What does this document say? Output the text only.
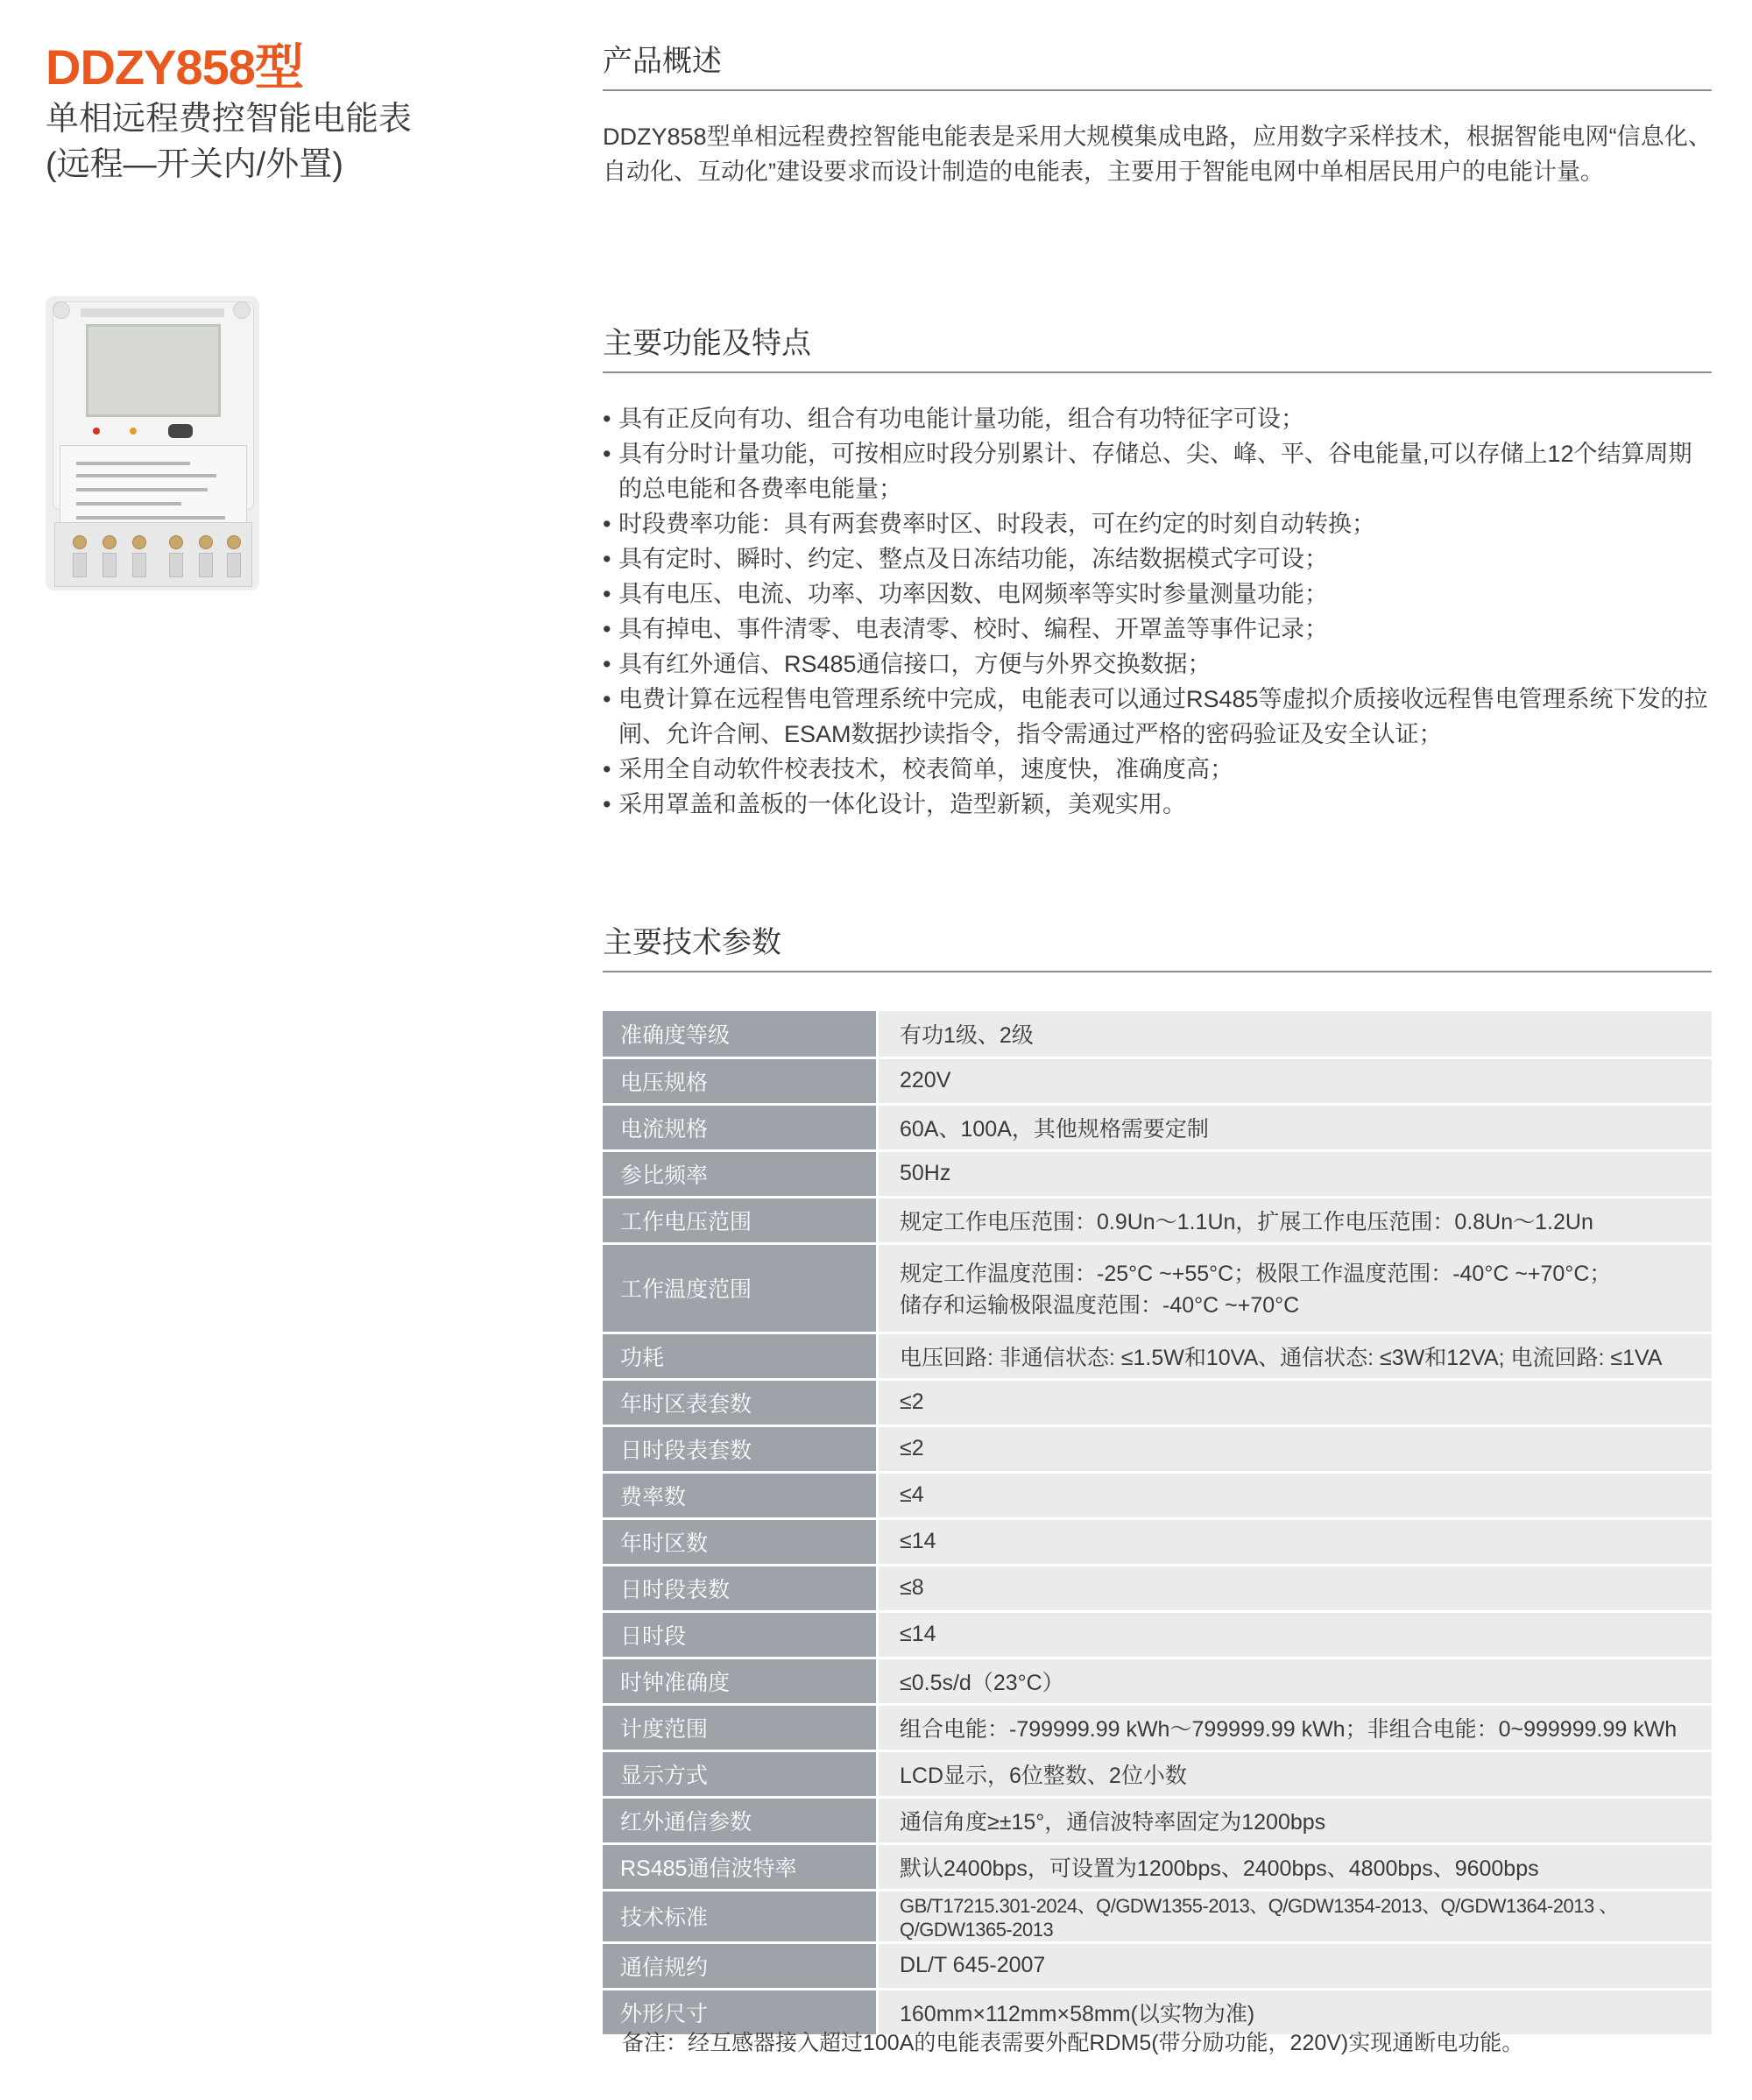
DDZY858型
单相远程费控智能电能表
(远程—开关内/外置)
产品概述
DDZY858型单相远程费控智能电能表是采用大规模集成电路，应用数字采样技术，根据智能电网“信息化、自动化、互动化”建设要求而设计制造的电能表，主要用于智能电网中单相居民用户的电能计量。
主要功能及特点
• 具有正反向有功、组合有功电能计量功能，组合有功特征字可设；
• 具有分时计量功能，可按相应时段分别累计、存储总、尖、峰、平、谷电能量,可以存储上12个结算周期的总电能和各费率电能量；
• 时段费率功能：具有两套费率时区、时段表，可在约定的时刻自动转换；
• 具有定时、瞬时、约定、整点及日冻结功能，冻结数据模式字可设；
• 具有电压、电流、功率、功率因数、电网频率等实时参量测量功能；
• 具有掉电、事件清零、电表清零、校时、编程、开罩盖等事件记录；
• 具有红外通信、RS485通信接口，方便与外界交换数据；
• 电费计算在远程售电管理系统中完成，电能表可以通过RS485等虚拟介质接收远程售电管理系统下发的拉闸、允许合闸、ESAM数据抄读指令，指令需通过严格的密码验证及安全认证；
• 采用全自动软件校表技术，校表简单，速度快，准确度高；
• 采用罩盖和盖板的一体化设计，造型新颖，美观实用。
主要技术参数
准确度等级	有功1级、2级
电压规格	220V
电流规格	60A、100A，其他规格需要定制
参比频率	50Hz
工作电压范围	规定工作电压范围：0.9Un～1.1Un，扩展工作电压范围：0.8Un～1.2Un
工作温度范围	规定工作温度范围：-25°C ~+55°C；极限工作温度范围：-40°C ~+70°C；
储存和运输极限温度范围：-40°C ~+70°C

功耗	电压回路: 非通信状态: ≤1.5W和10VA、通信状态: ≤3W和12VA; 电流回路: ≤1VA
年时区表套数	≤2
日时段表套数	≤2
费率数	≤4
年时区数	≤14
日时段表数	≤8
日时段	≤14
时钟准确度	≤0.5s/d（23°C）
计度范围	组合电能：-799999.99 kWh～799999.99 kWh；非组合电能：0~999999.99 kWh
显示方式	LCD显示，6位整数、2位小数
红外通信参数	通信角度≥±15°，通信波特率固定为1200bps
RS485通信波特率	默认2400bps，可设置为1200bps、2400bps、4800bps、9600bps
技术标准	GB/T17215.301-2024、Q/GDW1355-2013、Q/GDW1354-2013、Q/GDW1364-2013 、Q/GDW1365-2013
通信规约	DL/T 645-2007
外形尺寸	160mm×112mm×58mm(以实物为准)
备注：经互感器接入超过100A的电能表需要外配RDM5(带分励功能，220V)实现通断电功能。
